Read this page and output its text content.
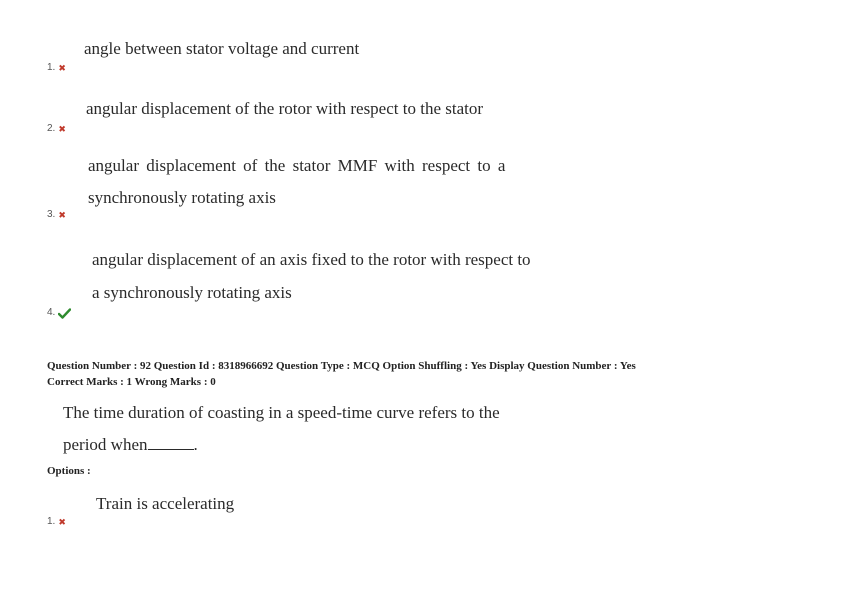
angle between stator voltage and current
1. ✖
angular displacement of the rotor with respect to the stator
2. ✖
angular displacement of the stator MMF with respect to a
synchronously rotating axis
3. ✖
angular displacement of an axis fixed to the rotor with respect to
a synchronously rotating axis
4.
Question Number : 92 Question Id : 8318966692 Question Type : MCQ Option Shuffling : Yes Display Question Number : Yes
Correct Marks : 1 Wrong Marks : 0
The time duration of coasting in a speed-time curve refers to the
period when	.
Options :
Train is accelerating
1. ✖
